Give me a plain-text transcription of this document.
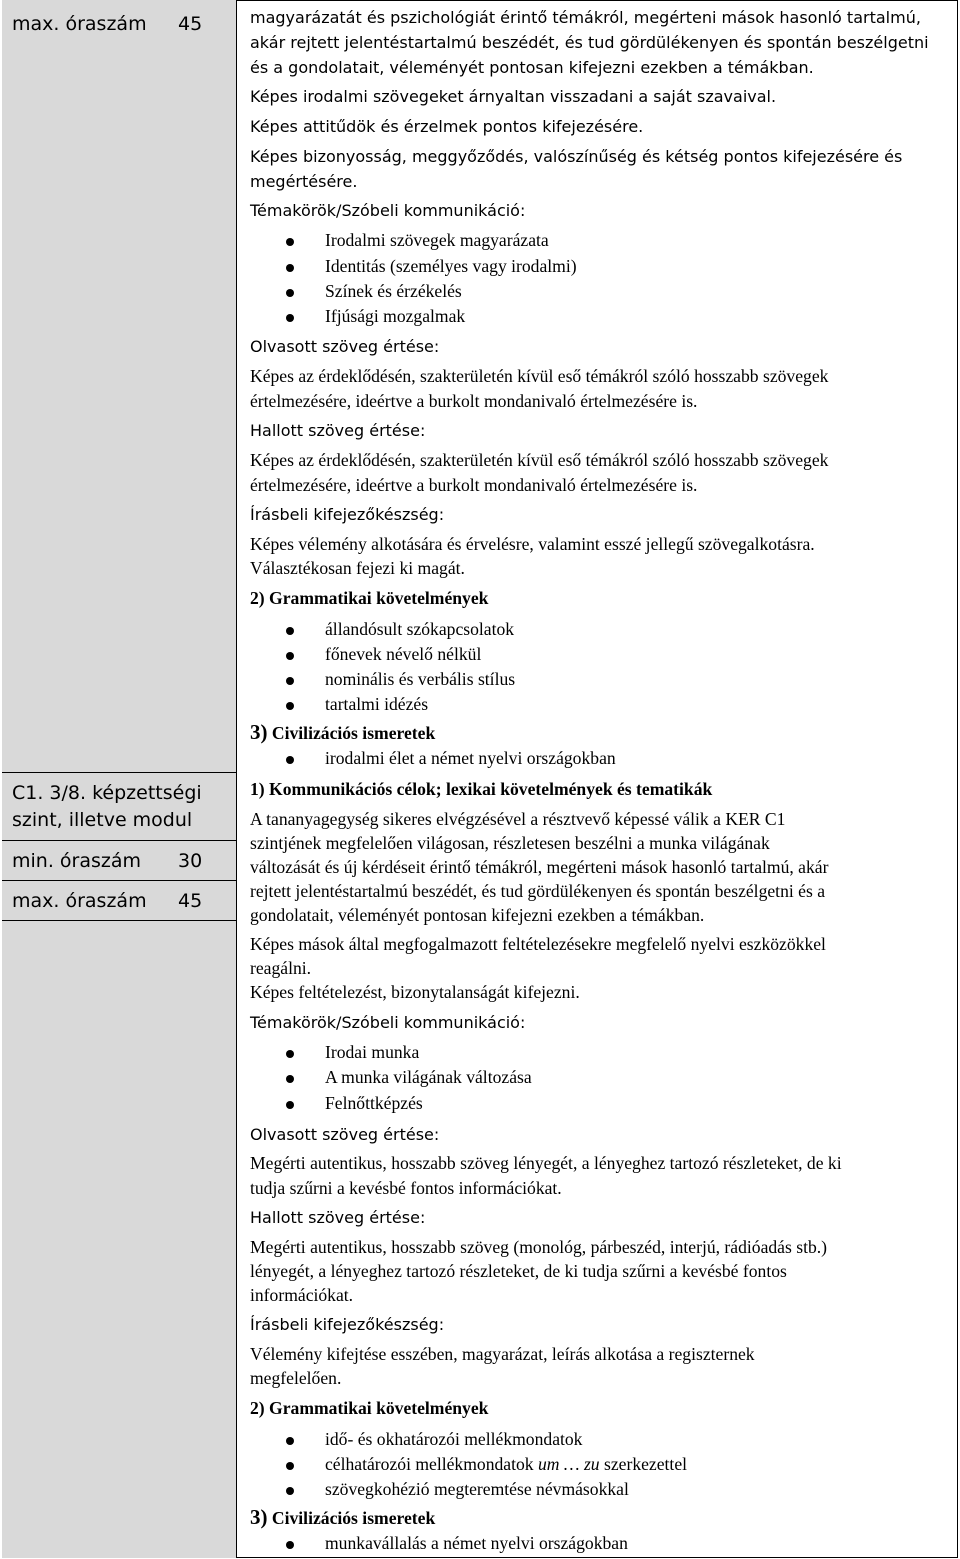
max. óraszám 45
C1. 3/8. képzettségi
szint, illetve modul
min. óraszám 30
max. óraszám 45
magyarázatát és pszichológiát érintő témákról, megérteni mások hasonló tartalmú,
akár rejtett jelentéstartalmú beszédét, és tud gördülékenyen és spontán beszélgetni
és a gondolatait, véleményét pontosan kifejezni ezekben a témákban.
Képes irodalmi szövegeket árnyaltan visszadani a saját szavaival.
Képes attitűdök és érzelmek pontos kifejezésére.
Képes bizonyosság, meggyőződés, valószínűség és kétség pontos kifejezésére és
megértésére.
Témakörök/Szóbeli kommunikáció:
Irodalmi szövegek magyarázata
Identitás (személyes vagy irodalmi)
Színek és érzékelés
Ifjúsági mozgalmak
Olvasott szöveg értése:
Képes az érdeklődésén, szakterületén kívül eső témákról szóló hosszabb szövegek
értelmezésére, ideértve a burkolt mondanivaló értelmezésére is.
Hallott szöveg értése:
Képes az érdeklődésén, szakterületén kívül eső témákról szóló hosszabb szövegek
értelmezésére, ideértve a burkolt mondanivaló értelmezésére is.
Írásbeli kifejezőkészség:
Képes vélemény alkotására és érvelésre, valamint esszé jellegű szövegalkotásra.
Választékosan fejezi ki magát.
2) Grammatikai követelmények
állandósult szókapcsolatok
főnevek névelő nélkül
nominális és verbális stílus
tartalmi idézés
3) Civilizációs ismeretek
irodalmi élet a német nyelvi országokban
1) Kommunikációs célok; lexikai követelmények és tematikák
A tananyagegység sikeres elvégzésével a résztvevő képessé válik a KER C1
szintjének megfelelően világosan, részletesen beszélni a munka világának
változását és új kérdéseit érintő témákról, megérteni mások hasonló tartalmú, akár
rejtett jelentéstartalmú beszédét, és tud gördülékenyen és spontán beszélgetni és a
gondolatait, véleményét pontosan kifejezni ezekben a témákban.
Képes mások által megfogalmazott feltételezésekre megfelelő nyelvi eszközökkel
reagálni.
Képes feltételezést, bizonytalanságát kifejezni.
Témakörök/Szóbeli kommunikáció:
Irodai munka
A munka világának változása
Felnőttképzés
Olvasott szöveg értése:
Megérti autentikus, hosszabb szöveg lényegét, a lényeghez tartozó részleteket, de ki
tudja szűrni a kevésbé fontos információkat.
Hallott szöveg értése:
Megérti autentikus, hosszabb szöveg (monológ, párbeszéd, interjú, rádióadás stb.)
lényegét, a lényeghez tartozó részleteket, de ki tudja szűrni a kevésbé fontos
információkat.
Írásbeli kifejezőkészség:
Vélemény kifejtése esszében, magyarázat, leírás alkotása a regiszternek
megfelelően.
2) Grammatikai követelmények
idő- és okhatározói mellékmondatok
célhatározói mellékmondatok um … zu szerkezettel
szövegkohézió megteremtése névmásokkal
3) Civilizációs ismeretek
munkavállalás a német nyelvi országokban
